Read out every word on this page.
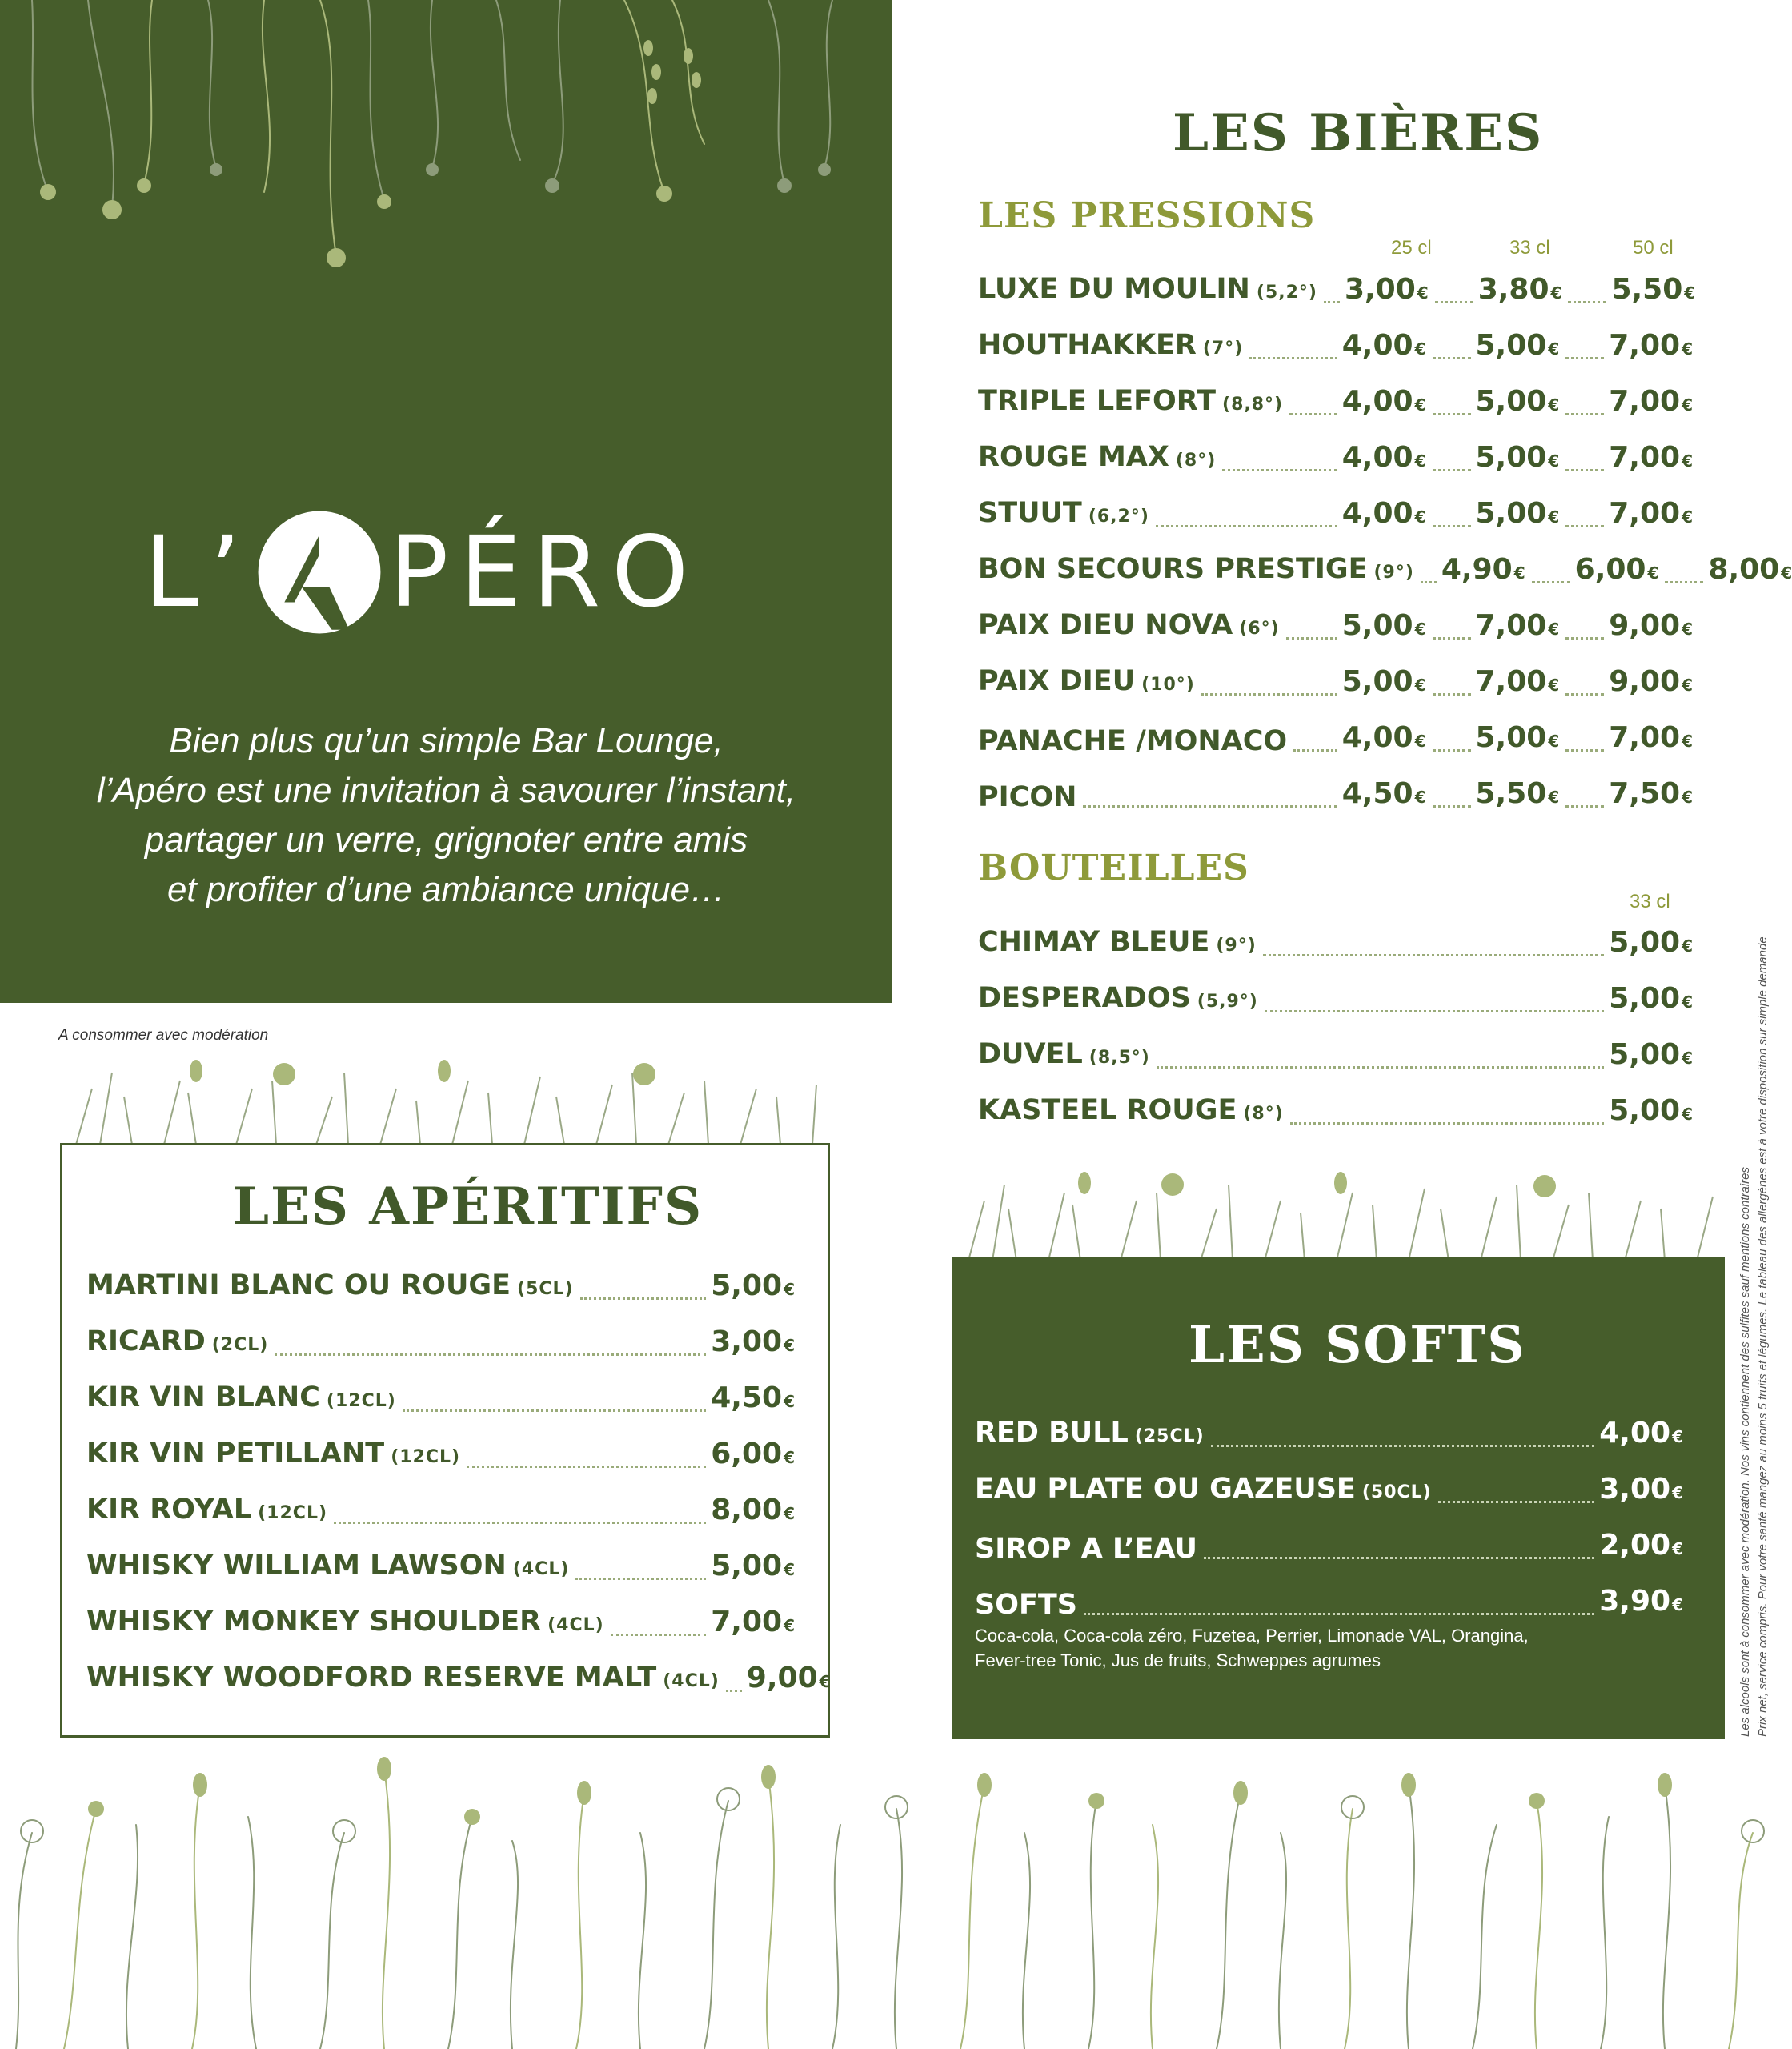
L’ PÉRO
Bien plus qu’un simple Bar Lounge,
l’Apéro est une invitation à savourer l’instant,
partager un verre, grignoter entre amis
et profiter d’une ambiance unique…
A consommer avec modération
LES BIÈRES
LES PRESSIONS
25 cl	33 cl	50 cl
LUXE DU MOULIN (5,2°) 3,00 € 3,80 € 5,50 €
HOUTHAKKER (7°)	4,00 € 5,00 € 7,00 €
TRIPLE LEFORT (8,8°) 4,00 € 5,00 € 7,00 €
ROUGE MAX (8°)	4,00 € 5,00 € 7,00 €
STUUT (6,2°)	4,00 € 5,00 € 7,00 €
BON SECOURS PRESTIGE (9°) 4,90 € 6,00 € 8,00 €
PAIX DIEU NOVA (6°) 5,00 € 7,00 € 9,00 €
PAIX DIEU (10°)	5,00 € 7,00 € 9,00 €
PANACHE /MONACO 4,00 € 5,00 € 7,00 €
PICON	4,50 € 5,50 € 7,50 €
BOUTEILLES
33 cl
CHIMAY BLEUE (9°)	5,00 €
DESPERADOS (5,9°)	5,00 €
DUVEL (8,5°)	5,00 €
KASTEEL ROUGE (8°)	5,00 €
LES SOFTS
RED BULL (25CL)	4,00 €
EAU PLATE OU GAZEUSE (50CL)	3,00 €
SIROP A L’EAU	2,00 €
SOFTS	3,90 €
Coca-cola, Coca-cola zéro, Fuzetea, Perrier, Limonade VAL, Orangina,
Fever-tree Tonic, Jus de fruits, Schweppes agrumes
LES APÉRITIFS
MARTINI BLANC OU ROUGE (5CL)	5,00 €
RICARD (2CL)	3,00 €
KIR VIN BLANC (12CL)	4,50 €
KIR VIN PETILLANT (12CL)	6,00 €
KIR ROYAL (12CL)	8,00 €
WHISKY WILLIAM LAWSON (4CL)	5,00 €
WHISKY MONKEY SHOULDER (4CL)	7,00 €
WHISKY WOODFORD RESERVE MALT (4CL) 9,00 €	Les alcools sont à consommer avec modération. Nos vins contiennent des sulfites sauf mentions contraires Prix net, service compris. Pour votre santé mangez au moins 5 fruits et légumes. Le tableau des allergènes est à votre disposition sur simple demande
